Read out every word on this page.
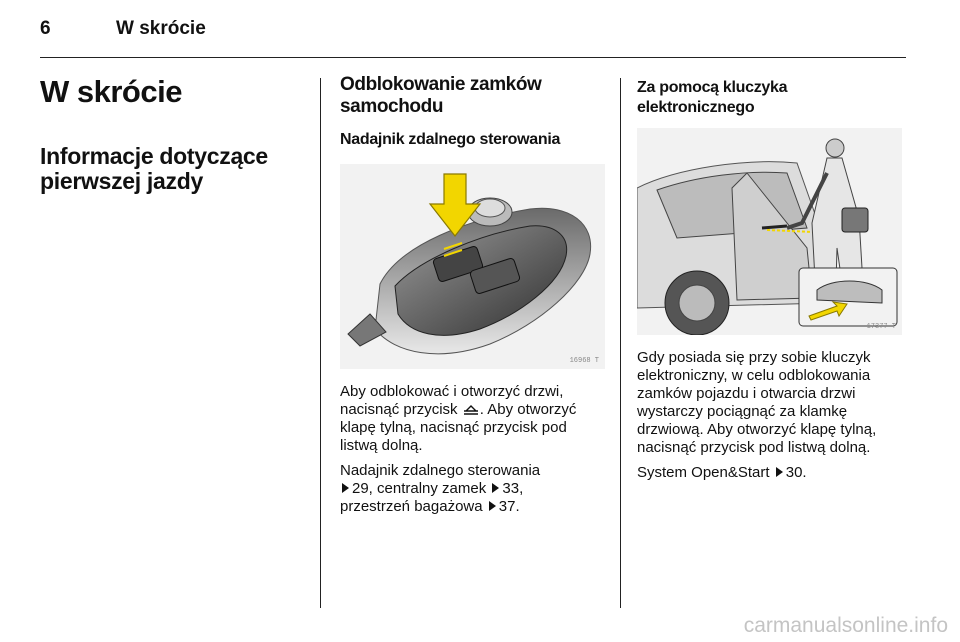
6	W skrócie
W skrócie
Informacje dotyczące
pierwszej jazdy
Odblokowanie zamków
samochodu
Nadajnik zdalnego sterowania
16968 T

Aby odblokować i otworzyć drzwi,
nacisnąć przycisk . Aby otworzyć
klapę tylną, nacisnąć przycisk pod
listwą dolną.

Nadajnik zdalnego sterowania
29, centralny zamek 33,
przestrzeń bagażowa 37.

Za pomocą kluczyka
elektronicznego
17377 T

Gdy posiada się przy sobie kluczyk
elektroniczny, w celu odblokowania
zamków pojazdu i otwarcia drzwi
wystarczy pociągnąć za klamkę
drzwiową. Aby otworzyć klapę tylną,
nacisnąć przycisk pod listwą dolną.

System Open&Start 30.

carmanualsonline.info
